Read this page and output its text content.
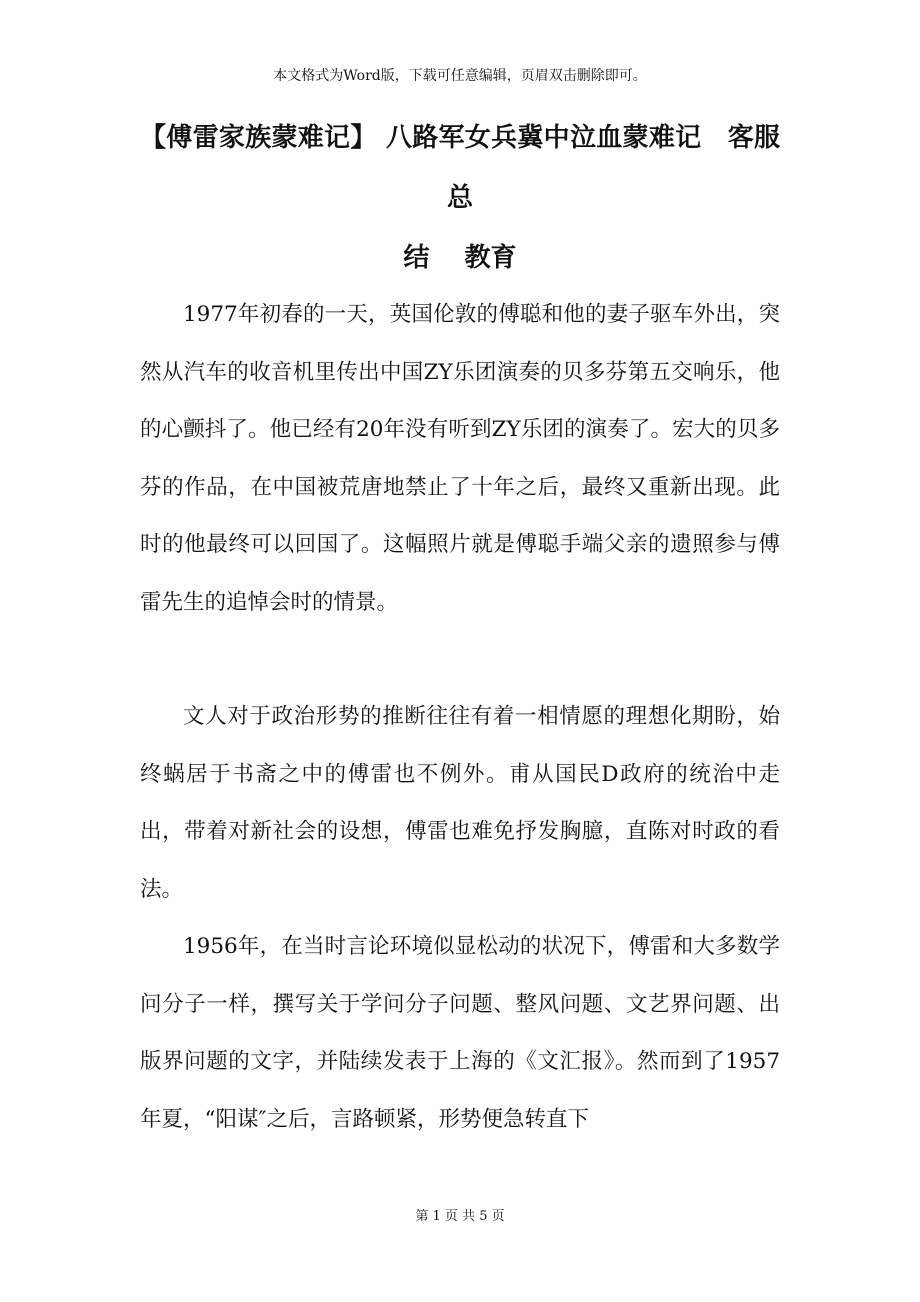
本文格式为Word版，下载可任意编辑，页眉双击删除即可。
【傅雷家族蒙难记】 八路军女兵冀中泣血蒙难记　客服总
结　 教育

1977年初春的一天，英国伦敦的傅聪和他的妻子驱车外出，突然从汽车的收音机里传出中国ZY乐团演奏的贝多芬第五交响乐，他的心颤抖了。他已经有20年没有听到ZY乐团的演奏了。宏大的贝多芬的作品，在中国被荒唐地禁止了十年之后，最终又重新出现。此时的他最终可以回国了。这幅照片就是傅聪手端父亲的遗照参与傅雷先生的追悼会时的情景。

文人对于政治形势的推断往往有着一相情愿的理想化期盼，始终蜗居于书斋之中的傅雷也不例外。甫从国民D政府的统治中走出，带着对新社会的设想，傅雷也难免抒发胸臆，直陈对时政的看法。

1956年，在当时言论环境似显松动的状况下，傅雷和大多数学问分子一样，撰写关于学问分子问题、整风问题、文艺界问题、出版界问题的文字，并陆续发表于上海的《文汇报》。然而到了1957年夏，“阳谋″之后，言路顿紧，形势便急转直下

第 1 页 共 5 页
